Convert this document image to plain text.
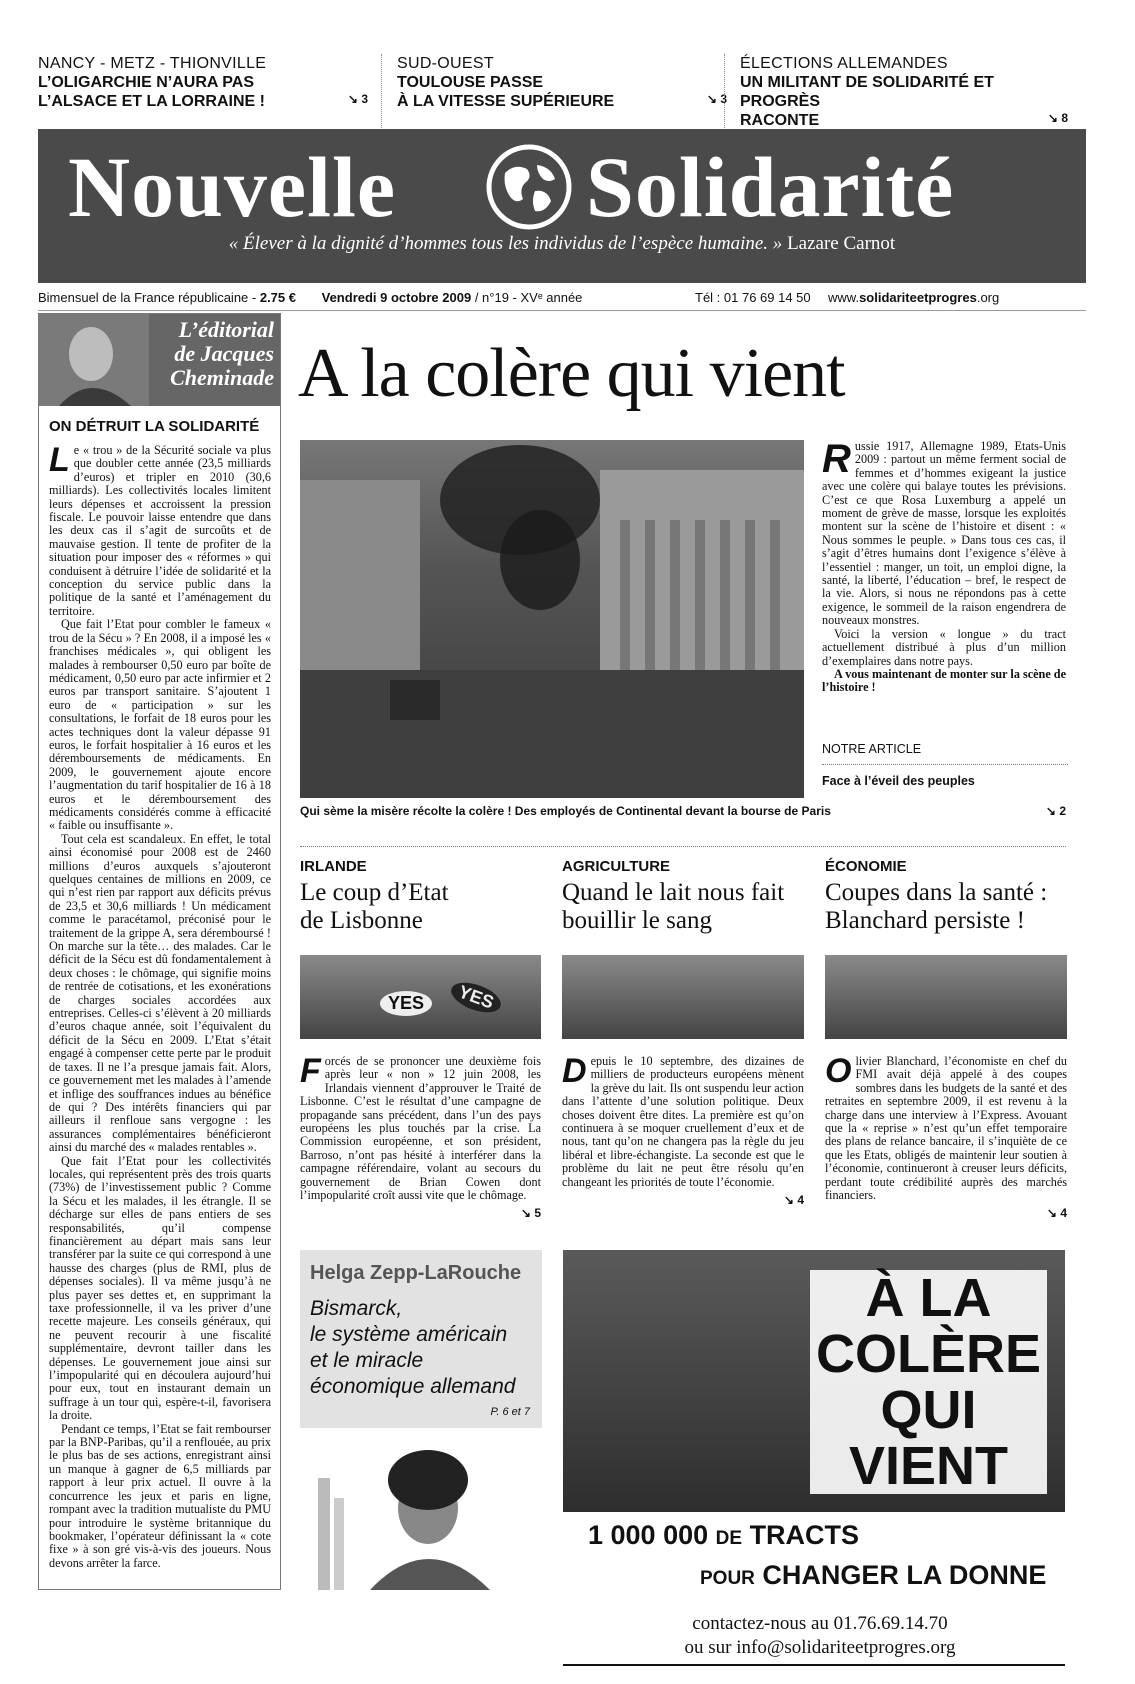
NANCY - METZ - THIONVILLE
L’OLIGARCHIE N’AURA PAS
L’ALSACE ET LA LORRAINE !	↘ 3
SUD-OUEST
TOULOUSE PASSE
À LA VITESSE SUPÉRIEURE	↘ 3
ÉLECTIONS ALLEMANDES
UN MILITANT DE SOLIDARITÉ ET PROGRÈS
RACONTE	↘ 8
Nouvelle Solidarité
« Élever à la dignité d’hommes tous les individus de l’espèce humaine. » Lazare Carnot
Bimensuel de la France républicaine - 2.75 € Vendredi 9 octobre 2009 / n°19 - XVᵉ année	Tél : 01 76 69 14 50 www.solidariteetprogres.org
L’éditorial
de Jacques
Cheminade
ON DÉTRUIT LA SOLIDARITÉ

Le « trou » de la Sécurité sociale va plus que doubler cette année (23,5 milliards d’euros) et tripler en 2010 (30,6 milliards). Les collectivités locales limitent leurs dépenses et accroissent la pression fiscale. Le pouvoir laisse entendre que dans les deux cas il s’agit de surcoûts et de mauvaise gestion. Il tente de profiter de la situation pour imposer des « réformes » qui conduisent à détruire l’idée de solidarité et la conception du service public dans la politique de la santé et l’aménagement du territoire.

Que fait l’Etat pour combler le fameux « trou de la Sécu » ? En 2008, il a imposé les « franchises médicales », qui obligent les malades à rembourser 0,50 euro par boîte de médicament, 0,50 euro par acte infirmier et 2 euros par transport sanitaire. S’ajoutent 1 euro de « participation » sur les consultations, le forfait de 18 euros pour les actes techniques dont la valeur dépasse 91 euros, le forfait hospitalier à 16 euros et les déremboursements de médicaments. En 2009, le gouvernement ajoute encore l’augmentation du tarif hospitalier de 16 à 18 euros et le déremboursement des médicaments considérés comme à efficacité « faible ou insuffisante ».

Tout cela est scandaleux. En effet, le total ainsi économisé pour 2008 est de 2460 millions d’euros auxquels s’ajouteront quelques centaines de millions en 2009, ce qui n’est rien par rapport aux déficits prévus de 23,5 et 30,6 milliards ! Un médicament comme le paracétamol, préconisé pour le traitement de la grippe A, sera déremboursé ! On marche sur la tête… des malades. Car le déficit de la Sécu est dû fondamentalement à deux choses : le chômage, qui signifie moins de rentrée de cotisations, et les exonérations de charges sociales accordées aux entreprises. Celles-ci s’élèvent à 20 milliards d’euros chaque année, soit l’équivalent du déficit de la Sécu en 2009. L’Etat s’était engagé à compenser cette perte par le produit de taxes. Il ne l’a presque jamais fait. Alors, ce gouvernement met les malades à l’amende et inflige des souffrances indues au bénéfice de qui ? Des intérêts financiers qui par ailleurs il renfloue sans vergogne : les assurances complémentaires bénéficieront ainsi du marché des « malades rentables ».

Que fait l’Etat pour les collectivités locales, qui représentent près des trois quarts (73%) de l’investissement public ? Comme la Sécu et les malades, il les étrangle. Il se décharge sur elles de pans entiers de ses responsabilités, qu’il compense financièrement au départ mais sans leur transférer par la suite ce qui correspond à une hausse des charges (plus de RMI, plus de dépenses sociales). Il va même jusqu’à ne plus payer ses dettes et, en supprimant la taxe professionnelle, il va les priver d’une recette majeure. Les conseils généraux, qui ne peuvent recourir à une fiscalité supplémentaire, devront tailler dans les dépenses. Le gouvernement joue ainsi sur l’impopularité qui en découlera aujourd’hui pour eux, tout en instaurant demain un suffrage à un tour qui, espère-t-il, favorisera la droite.

Pendant ce temps, l’Etat se fait rembourser par la BNP-Paribas, qu’il a renflouée, au prix le plus bas de ses actions, enregistrant ainsi un manque à gagner de 6,5 milliards par rapport à leur prix actuel. Il ouvre à la concurrence les jeux et paris en ligne, rompant avec la tradition mutualiste du PMU pour introduire le système britannique du bookmaker, l’opérateur définissant la « cote fixe » à son gré vis-à-vis des joueurs. Nous devons arrêter la farce.

A la colère qui vient
Qui sème la misère récolte la colère ! Des employés de Continental devant la bourse de Paris

Russie 1917, Allemagne 1989, Etats-Unis 2009 : partout un même ferment social de femmes et d’hommes exigeant la justice avec une colère qui balaye toutes les prévisions. C’est ce que Rosa Luxemburg a appelé un moment de grève de masse, lorsque les exploités montent sur la scène de l’histoire et disent : « Nous sommes le peuple. » Dans tous ces cas, il s’agit d’êtres humains dont l’exigence s’élève à l’essentiel : manger, un toit, un emploi digne, la santé, la liberté, l’éducation – bref, le respect de la vie. Alors, si nous ne répondons pas à cette exigence, le sommeil de la raison engendrera de nouveaux monstres.

Voici la version « longue » du tract actuellement distribué à plus d’un million d’exemplaires dans notre pays.

A vous maintenant de monter sur la scène de l’histoire !

NOTRE ARTICLE
Face à l’éveil des peuples
↘ 2
IRLANDE
Le coup d’Etat
de Lisbonne
YES	YES

Forcés de se prononcer une deuxième fois après leur « non » 12 juin 2008, les Irlandais viennent d’approuver le Traité de Lisbonne. C’est le résultat d’une campagne de propagande sans précédent, dans l’un des pays européens les plus touchés par la crise. La Commission européenne, et son président, Barroso, n’ont pas hésité à interférer dans la campagne référendaire, volant au secours du gouvernement de Brian Cowen dont l’impopularité croît aussi vite que le chômage.

↘ 5
AGRICULTURE
Quand le lait nous fait
bouillir le sang

Depuis le 10 septembre, des dizaines de milliers de producteurs européens mènent la grève du lait. Ils ont suspendu leur action dans l’attente d’une solution politique. Deux choses doivent être dites. La première est qu’on continuera à se moquer cruellement d’eux et de nous, tant qu’on ne changera pas la règle du jeu libéral et libre-échangiste. La seconde est que le problème du lait ne peut être résolu qu’en changeant les priorités de toute l’économie.

↘ 4
ÉCONOMIE
Coupes dans la santé :
Blanchard persiste !

Olivier Blanchard, l’économiste en chef du FMI avait déjà appelé à des coupes sombres dans les budgets de la santé et des retraites en septembre 2009, il est revenu à la charge dans une interview à l’Express. Avouant que la « reprise » n’est qu’un effet temporaire des plans de relance bancaire, il s’inquiète de ce que les Etats, obligés de maintenir leur soutien à l’économie, continueront à creuser leurs déficits, perdant toute crédibilité auprès des marchés financiers.

↘ 4
Helga Zepp-LaRouche
Bismarck,
le système américain
et le miracle
économique allemand
P. 6 et 7
À LA
COLÈRE
QUI
VIENT
1 000 000 DE TRACTS
POUR CHANGER LA DONNE
contactez-nous au 01.76.69.14.70
ou sur info@solidariteetprogres.org
